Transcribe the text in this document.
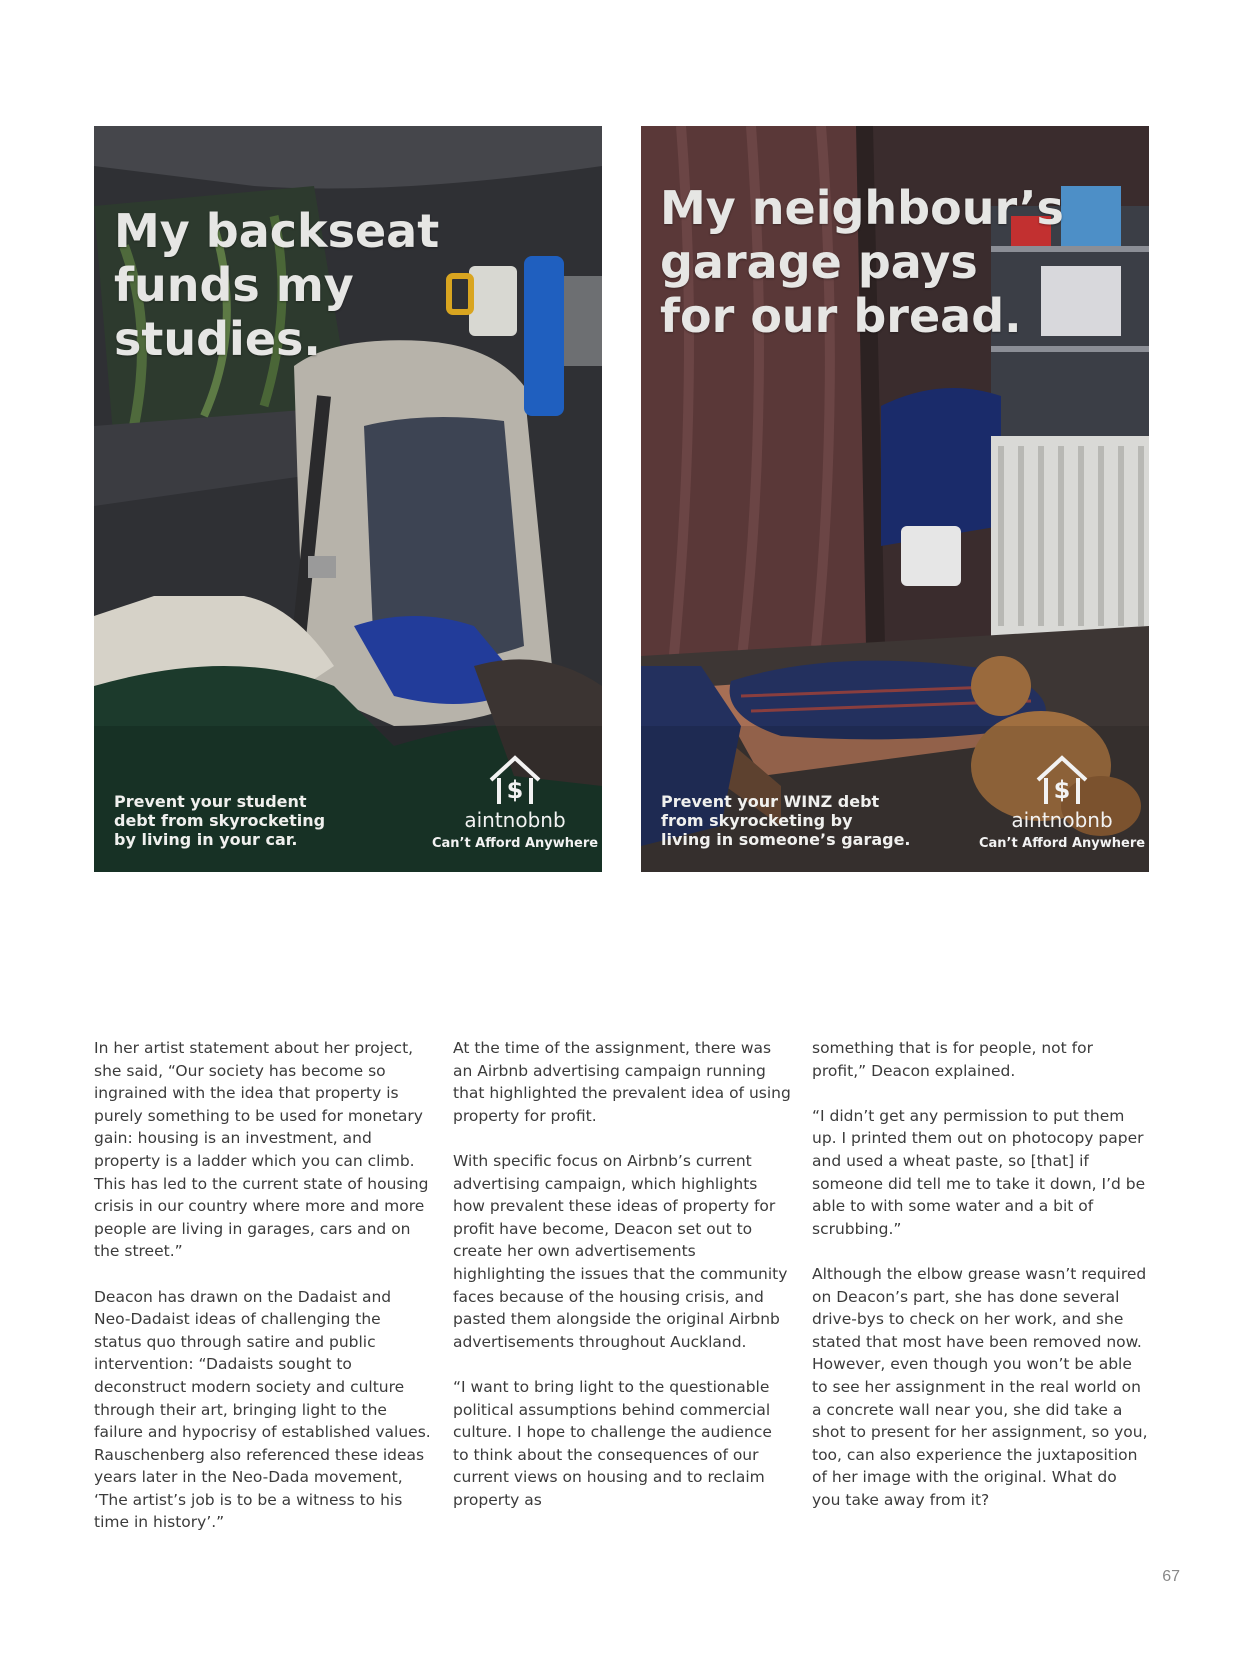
My backseat
funds my
studies.

Prevent your student
debt from skyrocketing
by living in your car.

$
aintnobnb
Can’t Afford Anywhere
My neighbour’s
garage pays
for our bread.

Prevent your WINZ debt
from skyrocketing by
living in someone’s garage.

$
aintnobnb
Can’t Afford Anywhere

In her artist statement about her project, she said, “Our society has become so ingrained with the idea that property is purely something to be used for monetary gain: housing is an investment, and property is a ladder which you can climb. This has led to the current state of housing crisis in our country where more and more people are living in garages, cars and on the street.”

Deacon has drawn on the Dadaist and Neo-Dadaist ideas of challenging the status quo through satire and public intervention: “Dadaists sought to deconstruct modern society and culture through their art, bringing light to the failure and hypocrisy of established values. Rauschenberg also referenced these ideas years later in the Neo-Dada movement, ‘The artist’s job is to be a witness to his time in history’.”

At the time of the assignment, there was an Airbnb advertising campaign running that highlighted the prevalent idea of using property for profit.

With specific focus on Airbnb’s current advertising campaign, which highlights how prevalent these ideas of property for profit have become, Deacon set out to create her own advertisements highlighting the issues that the community faces because of the housing crisis, and pasted them alongside the original Airbnb advertisements throughout Auckland.

“I want to bring light to the questionable political assumptions behind commercial culture. I hope to challenge the audience to think about the consequences of our current views on housing and to reclaim property as

something that is for people, not for profit,” Deacon explained.

“I didn’t get any permission to put them up. I printed them out on photocopy paper and used a wheat paste, so [that] if someone did tell me to take it down, I’d be able to with some water and a bit of scrubbing.”

Although the elbow grease wasn’t required on Deacon’s part, she has done several drive-bys to check on her work, and she stated that most have been removed now. However, even though you won’t be able to see her assignment in the real world on a concrete wall near you, she did take a shot to present for her assignment, so you, too, can also experience the juxtaposition of her image with the original. What do you take away from it?

67
